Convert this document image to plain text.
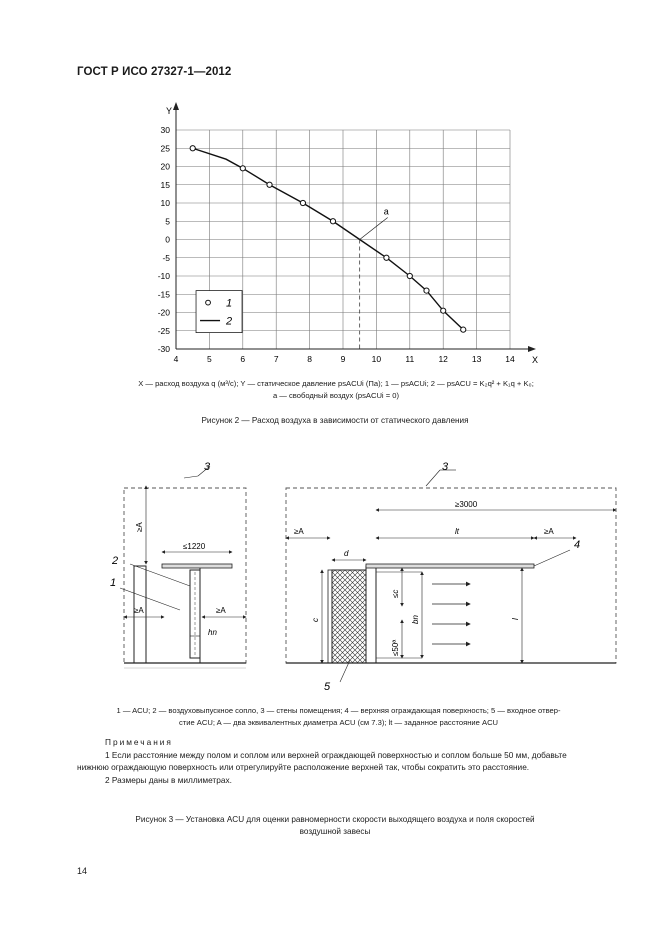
ГОСТ Р ИСО 27327-1—2012
Y
X
4	5	6	7	8	9	10	11	12	13	14
30
25
20
15
10
5
0
-5
-10
-15
-20
-25
-30
a
1
2
X — расход воздуха q (м³/с); Y — статическое давление psACUi (Па); 1 — psACUi; 2 — psACU = K₂q² + K₁q + K₀;
a — свободный воздух (psACUi = 0)
Рисунок 2 — Расход воздуха в зависимости от статического давления
≥A
≤1220
≥A	≥A
hn
3
2
1
≥3000
lt
≥A	≥A
d
c
≤c
bn
≤50ª
l
3
4
5
1 — ACU; 2 — воздуховыпускное сопло, 3 — стены помещения; 4 — верхняя ограждающая поверхность; 5 — входное отвер-
стие ACU; A — два эквивалентных диаметра ACU (см 7.3); lt — заданное расстояние ACU
Примечания
1 Если расстояние между полом и соплом или верхней ограждающей поверхностью и соплом больше 50 мм, добавьте нижнюю ограждающую поверхность или отрегулируйте расположение верхней так, чтобы сократить это расстояние.
2 Размеры даны в миллиметрах.
Рисунок 3 — Установка ACU для оценки равномерности скорости выходящего воздуха и поля скоростей
воздушной завесы
14
